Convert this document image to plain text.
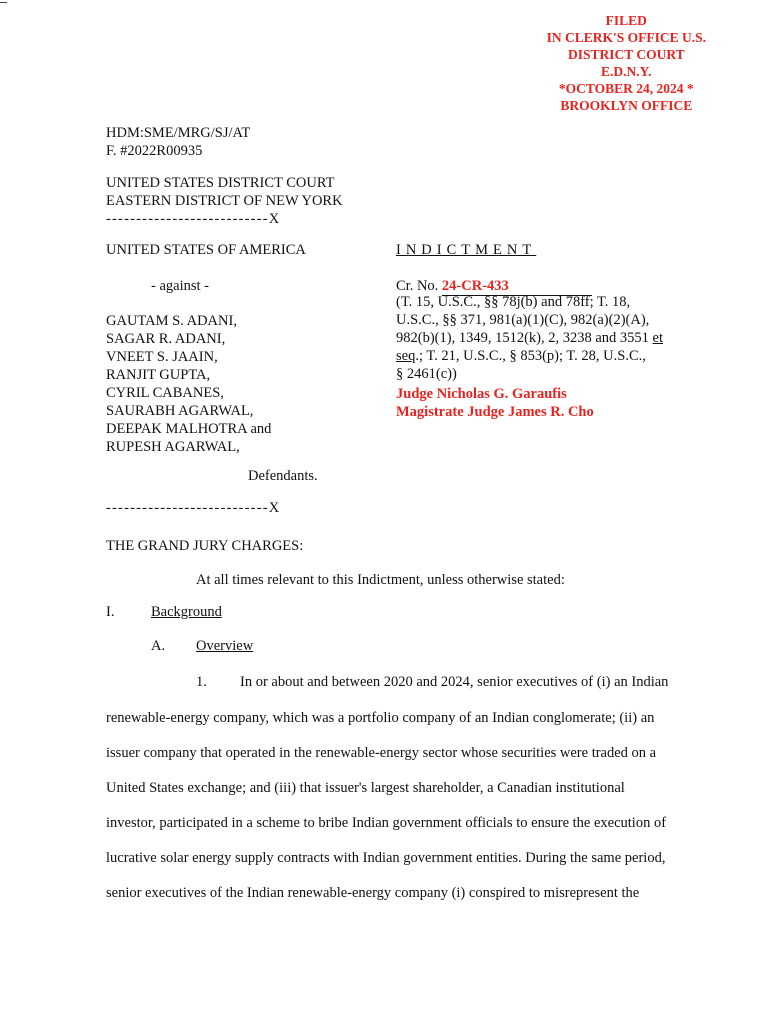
FILED
IN CLERK'S OFFICE U.S.
DISTRICT COURT
E.D.N.Y.
*OCTOBER 24, 2024 *
BROOKLYN OFFICE
HDM:SME/MRG/SJ/AT
F. #2022R00935
UNITED STATES DISTRICT COURT
EASTERN DISTRICT OF NEW YORK
---------------------------X
UNITED STATES OF AMERICA
- against -
GAUTAM S. ADANI,
SAGAR R. ADANI,
VNEET S. JAAIN,
RANJIT GUPTA,
CYRIL CABANES,
SAURABH AGARWAL,
DEEPAK MALHOTRA and
RUPESH AGARWAL,
Defendants.
---------------------------X
INDICTMENT
Cr. No. 24-CR-433
(T. 15, U.S.C., §§ 78j(b) and 78ff; T. 18,
U.S.C., §§ 371, 981(a)(1)(C), 982(a)(2)(A),
982(b)(1), 1349, 1512(k), 2, 3238 and 3551 et
seq.; T. 21, U.S.C., § 853(p); T. 28, U.S.C.,
§ 2461(c))
Judge Nicholas G. Garaufis
Magistrate Judge James R. Cho
THE GRAND JURY CHARGES:
At all times relevant to this Indictment, unless otherwise stated:
I.	Background
A. Overview
1. In or about and between 2020 and 2024, senior executives of (i) an Indian
renewable-energy company, which was a portfolio company of an Indian conglomerate; (ii) an
issuer company that operated in the renewable-energy sector whose securities were traded on a
United States exchange; and (iii) that issuer's largest shareholder, a Canadian institutional
investor, participated in a scheme to bribe Indian government officials to ensure the execution of
lucrative solar energy supply contracts with Indian government entities. During the same period,
senior executives of the Indian renewable-energy company (i) conspired to misrepresent the
